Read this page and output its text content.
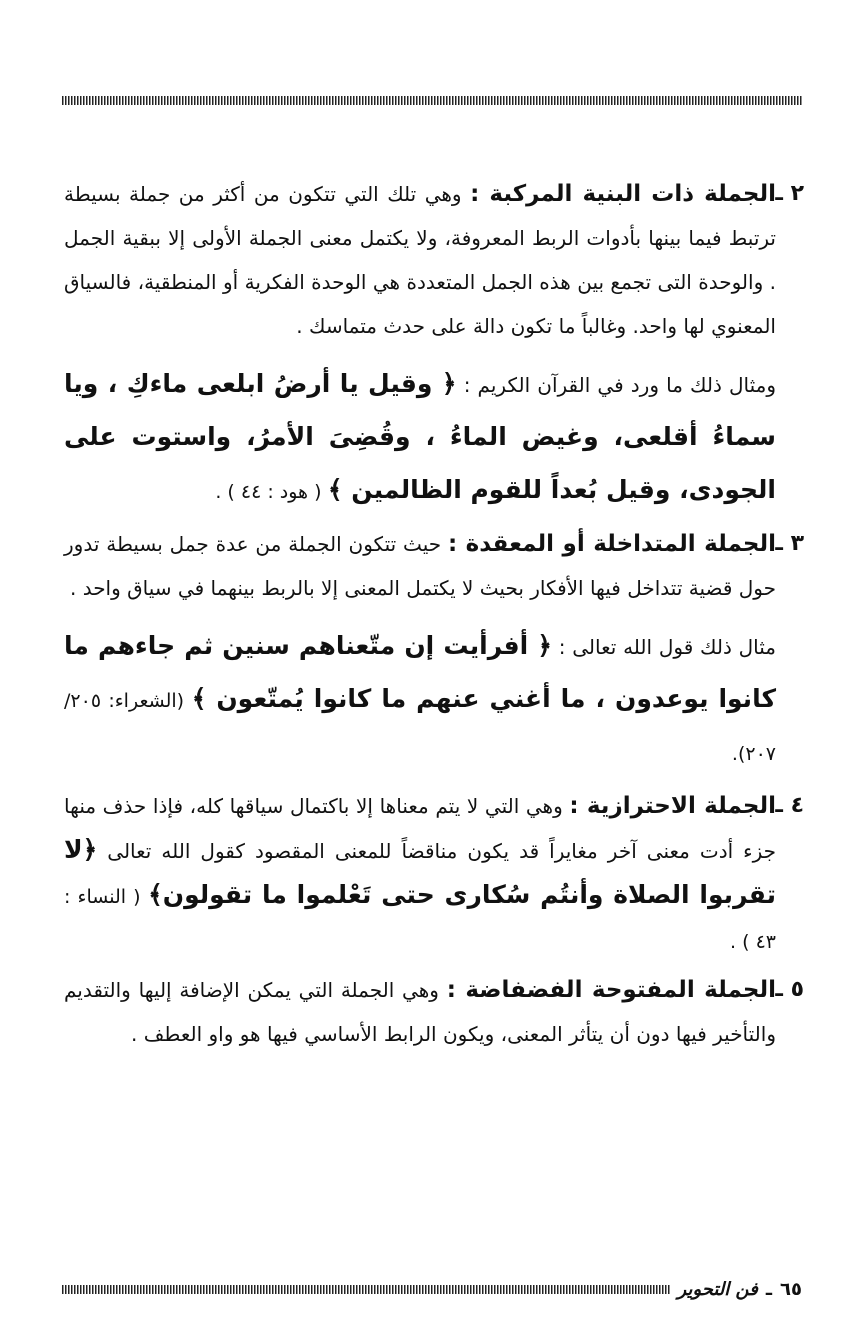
٢ ـ
الجملة ذات البنية المركبة : وهي تلك التي تتكون من أكثر من جملة بسيطة ترتبط فيما بينها بأدوات الربط المعروفة، ولا يكتمل معنى الجملة الأولى إلا ببقية الجمل . والوحدة التى تجمع بين هذه الجمل المتعددة هي الوحدة الفكرية أو المنطقية، فالسياق المعنوي لها واحد. وغالباً ما تكون دالة على حدث متماسك .
ومثال ذلك ما ورد في القرآن الكريم : ﴿ وقيل يا أرضُ ابلعى ماءكِ ، ويا سماءُ أقلعى، وغيض الماءُ ، وقُضِىَ الأمرُ، واستوت على الجودى، وقيل بُعداً للقوم الظالمين ﴾ ( هود : ٤٤ ) .
٣ ـ
الجملة المتداخلة أو المعقدة : حيث تتكون الجملة من عدة جمل بسيطة تدور حول قضية تتداخل فيها الأفكار بحيث لا يكتمل المعنى إلا بالربط بينهما في سياق واحد .
مثال ذلك قول الله تعالى : ﴿ أفرأيت إن متّعناهم سنين ثم جاءهم ما كانوا يوعدون ، ما أغني عنهم ما كانوا يُمتّعون ﴾ (الشعراء: ٢٠٥/ ٢٠٧).
٤ ـ
الجملة الاحترازية : وهي التي لا يتم معناها إلا باكتمال سياقها كله، فإذا حذف منها جزء أدت معنى آخر مغايراً قد يكون مناقضاً للمعنى المقصود كقول الله تعالى ﴿لا تقربوا الصلاة وأنتُم سُكارى حتى تَعْلموا ما تقولون﴾ ( النساء : ٤٣ ) .
٥ ـ
الجملة المفتوحة الفضفاضة : وهي الجملة التي يمكن الإضافة إليها والتقديم والتأخير فيها دون أن يتأثر المعنى، ويكون الرابط الأساسي فيها هو واو العطف .
٦٥
ـ
فن التحوير
